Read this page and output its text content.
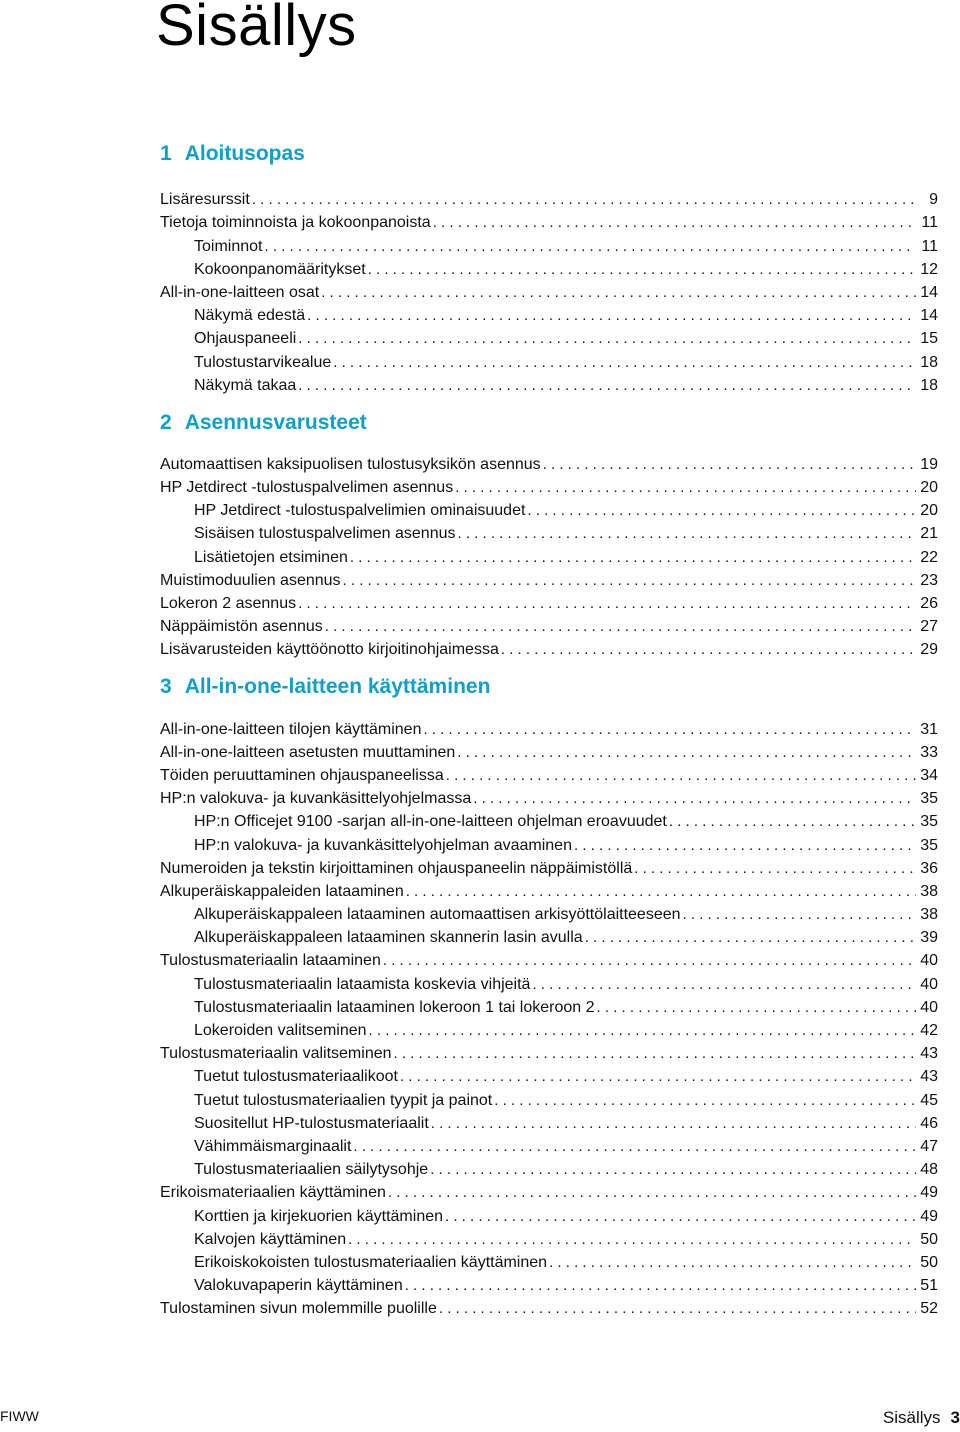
Sisällys
1 Aloitusopas
Lisäresurssit . . .	9
Tietoja toiminnoista ja kokoonpanoista . . .	11
Toiminnot . . .	11
Kokoonpanomääritykset . . .	12
All-in-one-laitteen osat . . .	14
Näkymä edestä . . .	14
Ohjauspaneeli . . .	15
Tulostustarvikealue . . .	18
Näkymä takaa . . .	18
2 Asennusvarusteet
Automaattisen kaksipuolisen tulostusyksikön asennus . . .	19
HP Jetdirect -tulostuspalvelimen asennus . . .	20
HP Jetdirect -tulostuspalvelimien ominaisuudet . . .	20
Sisäisen tulostuspalvelimen asennus . . .	21
Lisätietojen etsiminen . . .	22
Muistimoduulien asennus . . .	23
Lokeron 2 asennus . . .	26
Näppäimistön asennus . . .	27
Lisävarusteiden käyttöönotto kirjoitinohjaimessa . . .	29
3 All-in-one-laitteen käyttäminen
All-in-one-laitteen tilojen käyttäminen . . .	31
All-in-one-laitteen asetusten muuttaminen . . .	33
Töiden peruuttaminen ohjauspaneelissa . . .	34
HP:n valokuva- ja kuvankäsittelyohjelmassa . . .	35
HP:n Officejet 9100 -sarjan all-in-one-laitteen ohjelman eroavuudet . . .	35
HP:n valokuva- ja kuvankäsittelyohjelman avaaminen . . .	35
Numeroiden ja tekstin kirjoittaminen ohjauspaneelin näppäimistöllä . . .	36
Alkuperäiskappaleiden lataaminen . . .	38
Alkuperäiskappaleen lataaminen automaattisen arkisyöttölaitteeseen . . .	38
Alkuperäiskappaleen lataaminen skannerin lasin avulla . . .	39
Tulostusmateriaalin lataaminen . . .	40
Tulostusmateriaalin lataamista koskevia vihjeitä . . .	40
Tulostusmateriaalin lataaminen lokeroon 1 tai lokeroon 2 . . .	40
Lokeroiden valitseminen . . .	42
Tulostusmateriaalin valitseminen . . .	43
Tuetut tulostusmateriaalikoot . . .	43
Tuetut tulostusmateriaalien tyypit ja painot . . .	45
Suositellut HP-tulostusmateriaalit . . .	46
Vähimmäismarginaalit . . .	47
Tulostusmateriaalien säilytysohje . . .	48
Erikoismateriaalien käyttäminen . . .	49
Korttien ja kirjekuorien käyttäminen . . .	49
Kalvojen käyttäminen . . .	50
Erikoiskokoisten tulostusmateriaalien käyttäminen . . .	50
Valokuvapaperin käyttäminen . . .	51
Tulostaminen sivun molemmille puolille . . .	52
FIWW	Sisällys 3
